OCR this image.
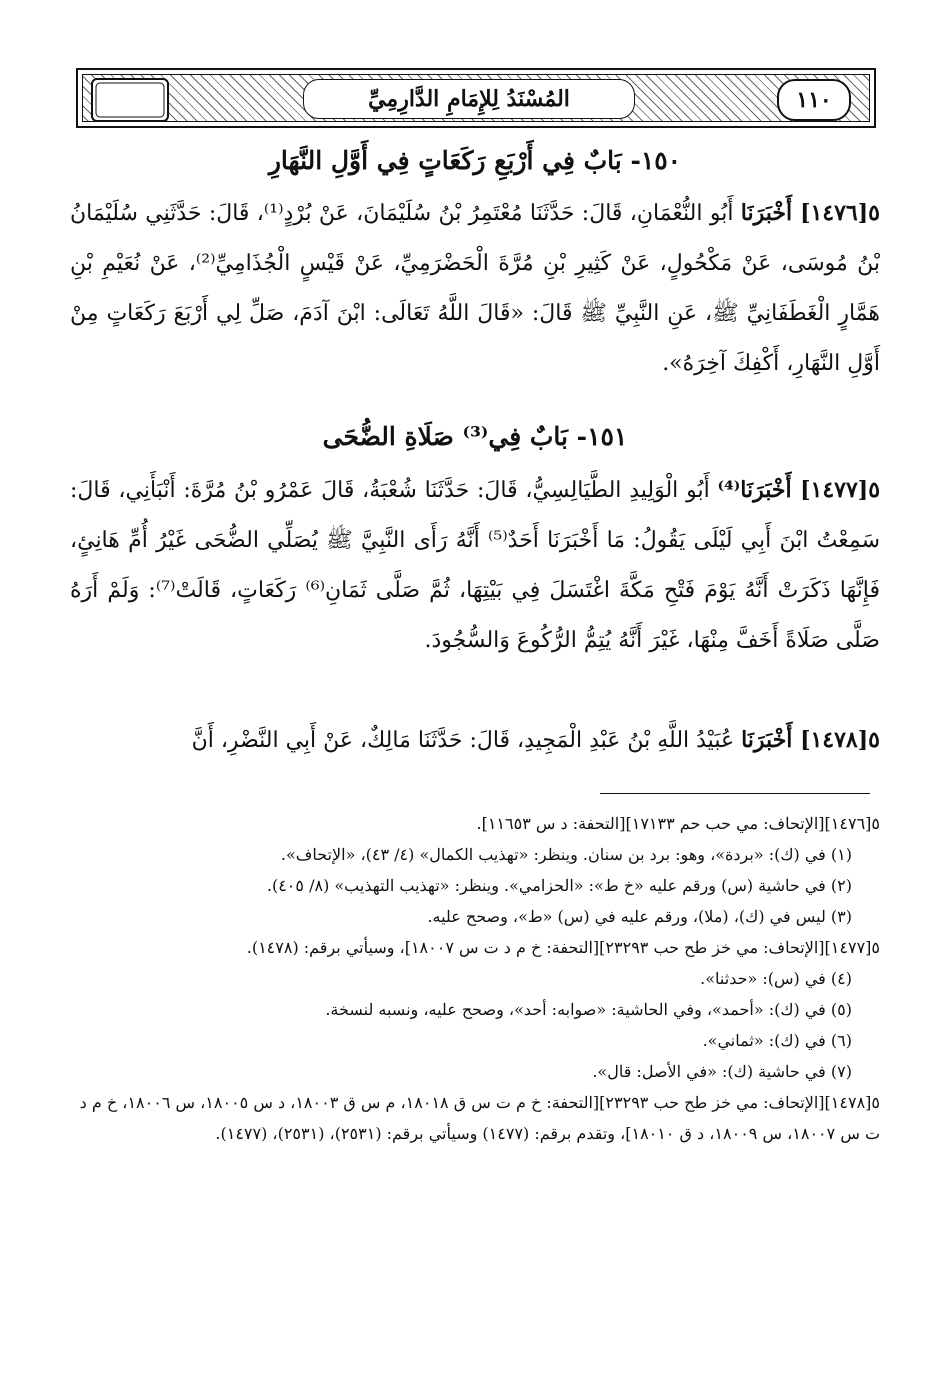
١١٠
المُسْنَدُ لِلإِمَامِ الدَّارِمِيِّ
١٥٠- بَابٌ فِي أَرْبَعِ رَكَعَاتٍ فِي أَوَّلِ النَّهَارِ
٥[١٤٧٦] أَخْبَرَنَا أَبُو النُّعْمَانِ، قَالَ: حَدَّثَنَا مُعْتَمِرُ بْنُ سُلَيْمَانَ، عَنْ بُرْدٍ⁽¹⁾، قَالَ: حَدَّثَنِي سُلَيْمَانُ بْنُ مُوسَى، عَنْ مَكْحُولٍ، عَنْ كَثِيرِ بْنِ مُرَّةَ الْحَضْرَمِيِّ، عَنْ قَيْسٍ الْجُذَامِيِّ⁽²⁾، عَنْ نُعَيْمِ بْنِ هَمَّارٍ الْغَطَفَانِيِّ ﷺ، عَنِ النَّبِيِّ ﷺ قَالَ: «قَالَ اللَّهُ تَعَالَى: ابْنَ آدَمَ، صَلِّ لِي أَرْبَعَ رَكَعَاتٍ مِنْ أَوَّلِ النَّهَارِ، أَكْفِكَ آخِرَهُ».
١٥١- بَابٌ فِي⁽³⁾ صَلَاةِ الضُّحَى
٥[١٤٧٧] أَخْبَرَنَا⁽⁴⁾ أَبُو الْوَلِيدِ الطَّيَالِسِيُّ، قَالَ: حَدَّثَنَا شُعْبَةُ، قَالَ عَمْرُو بْنُ مُرَّةَ: أَنْبَأَنِي، قَالَ: سَمِعْتُ ابْنَ أَبِي لَيْلَى يَقُولُ: مَا أَخْبَرَنَا أَحَدٌ⁽⁵⁾ أَنَّهُ رَأَى النَّبِيَّ ﷺ يُصَلِّي الضُّحَى غَيْرُ أُمِّ هَانِئٍ، فَإِنَّهَا ذَكَرَتْ أَنَّهُ يَوْمَ فَتْحِ مَكَّةَ اغْتَسَلَ فِي بَيْتِهَا، ثُمَّ صَلَّى ثَمَانِ⁽⁶⁾ رَكَعَاتٍ، قَالَتْ⁽⁷⁾: وَلَمْ أَرَهُ صَلَّى صَلَاةً أَخَفَّ مِنْهَا، غَيْرَ أَنَّهُ يُتِمُّ الرُّكُوعَ وَالسُّجُودَ.
٥[١٤٧٨] أَخْبَرَنَا عُبَيْدُ اللَّهِ بْنُ عَبْدِ الْمَجِيدِ، قَالَ: حَدَّثَنَا مَالِكٌ، عَنْ أَبِي النَّضْرِ، أَنَّ

٥[١٤٧٦][الإتحاف: مي حب حم ١٧١٣٣][التحفة: د س ١١٦٥٣].

(١) في (ك): «بردة»، وهو: برد بن سنان. وينظر: «تهذيب الكمال» (٤/ ٤٣)، «الإتحاف».

(٢) في حاشية (س) ورقم عليه «خ ط»: «الحزامي». وينظر: «تهذيب التهذيب» (٨/ ٤٠٥).

(٣) ليس في (ك)، (ملا)، ورقم عليه في (س) «ط»، وصحح عليه.

٥[١٤٧٧][الإتحاف: مي خز طح حب ٢٣٢٩٣][التحفة: خ م د ت س ١٨٠٠٧]، وسيأتي برقم: (١٤٧٨).

(٤) في (س): «حدثنا».

(٥) في (ك): «أحمد»، وفي الحاشية: «صوابه: أحد»، وصحح عليه، ونسبه لنسخة.

(٦) في (ك): «ثماني».

(٧) في حاشية (ك): «في الأصل: قال».

٥[١٤٧٨][الإتحاف: مي خز طح حب ٢٣٢٩٣][التحفة: خ م ت س ق ١٨٠١٨، م س ق ١٨٠٠٣، د س ١٨٠٠٥، س ١٨٠٠٦، خ م د ت س ١٨٠٠٧، س ١٨٠٠٩، د ق ١٨٠١٠]، وتقدم برقم: (١٤٧٧) وسيأتي برقم: (٢٥٣١)، (٢٥٣١)، (١٤٧٧).
